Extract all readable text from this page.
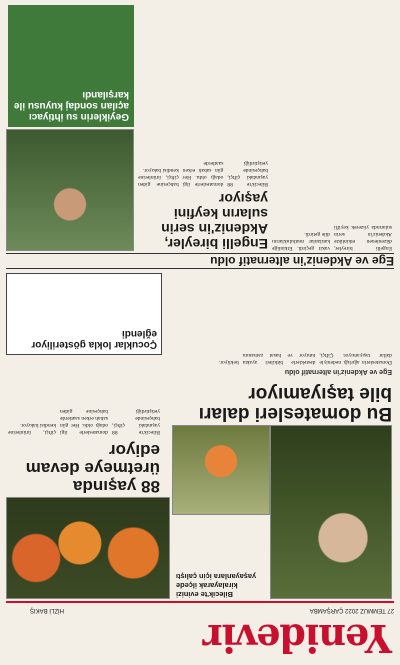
Yenidevir
27 TEMMUZ 2022 ÇARŞAMBA
HİZLİ BAKIŞ
Bilecik'te evinizi kiralayarak ilçede yaşayanlara için çalıştı
88 yaşında üretmeye devam ediyor
Bilecik'te 88 yaşındaki çiftçi, bahçesinde yetiştirdiği domateslerle ilgi odağı oldu. Her gün sabah erken saatlerde bahçesine giden çiftçi, ürünlerine kendisi bakıyor.
Bu domatesleri daları
bile taşıyamıyor
Ege ve Akdeniz'in alternatif oldu
Domateslerin ağırlığı nedeniyle dallar taşıyamıyor. Çiftçi, desteklerle bitkileri ayakta tutuyor ve hasat zamanını bekliyor.
Çocuklar lokla gösteriliyor eğlendi
Ege ve Akdeniz'in alternatif oldu
Engelli bireyler, düzenlenen etkinlikte Akdeniz'in serin sularında yüzerek keyifli vakit geçirdi. Etkinliğe katılanlar mutluluklarını dile getirdi.
Engelli bireyler, Akdeniz'in serin suların keyfini yaşıyor
Bilecik'te 88 yaşındaki çiftçi, bahçesinde yetiştirdiği domateslerle ilgi odağı oldu. Her gün sabah erken saatlerde bahçesine giden çiftçi, ürünlerine kendisi bakıyor.
Geyiklerin su ihtiyacı açılan sondaj kuyusu ile karşılandı
